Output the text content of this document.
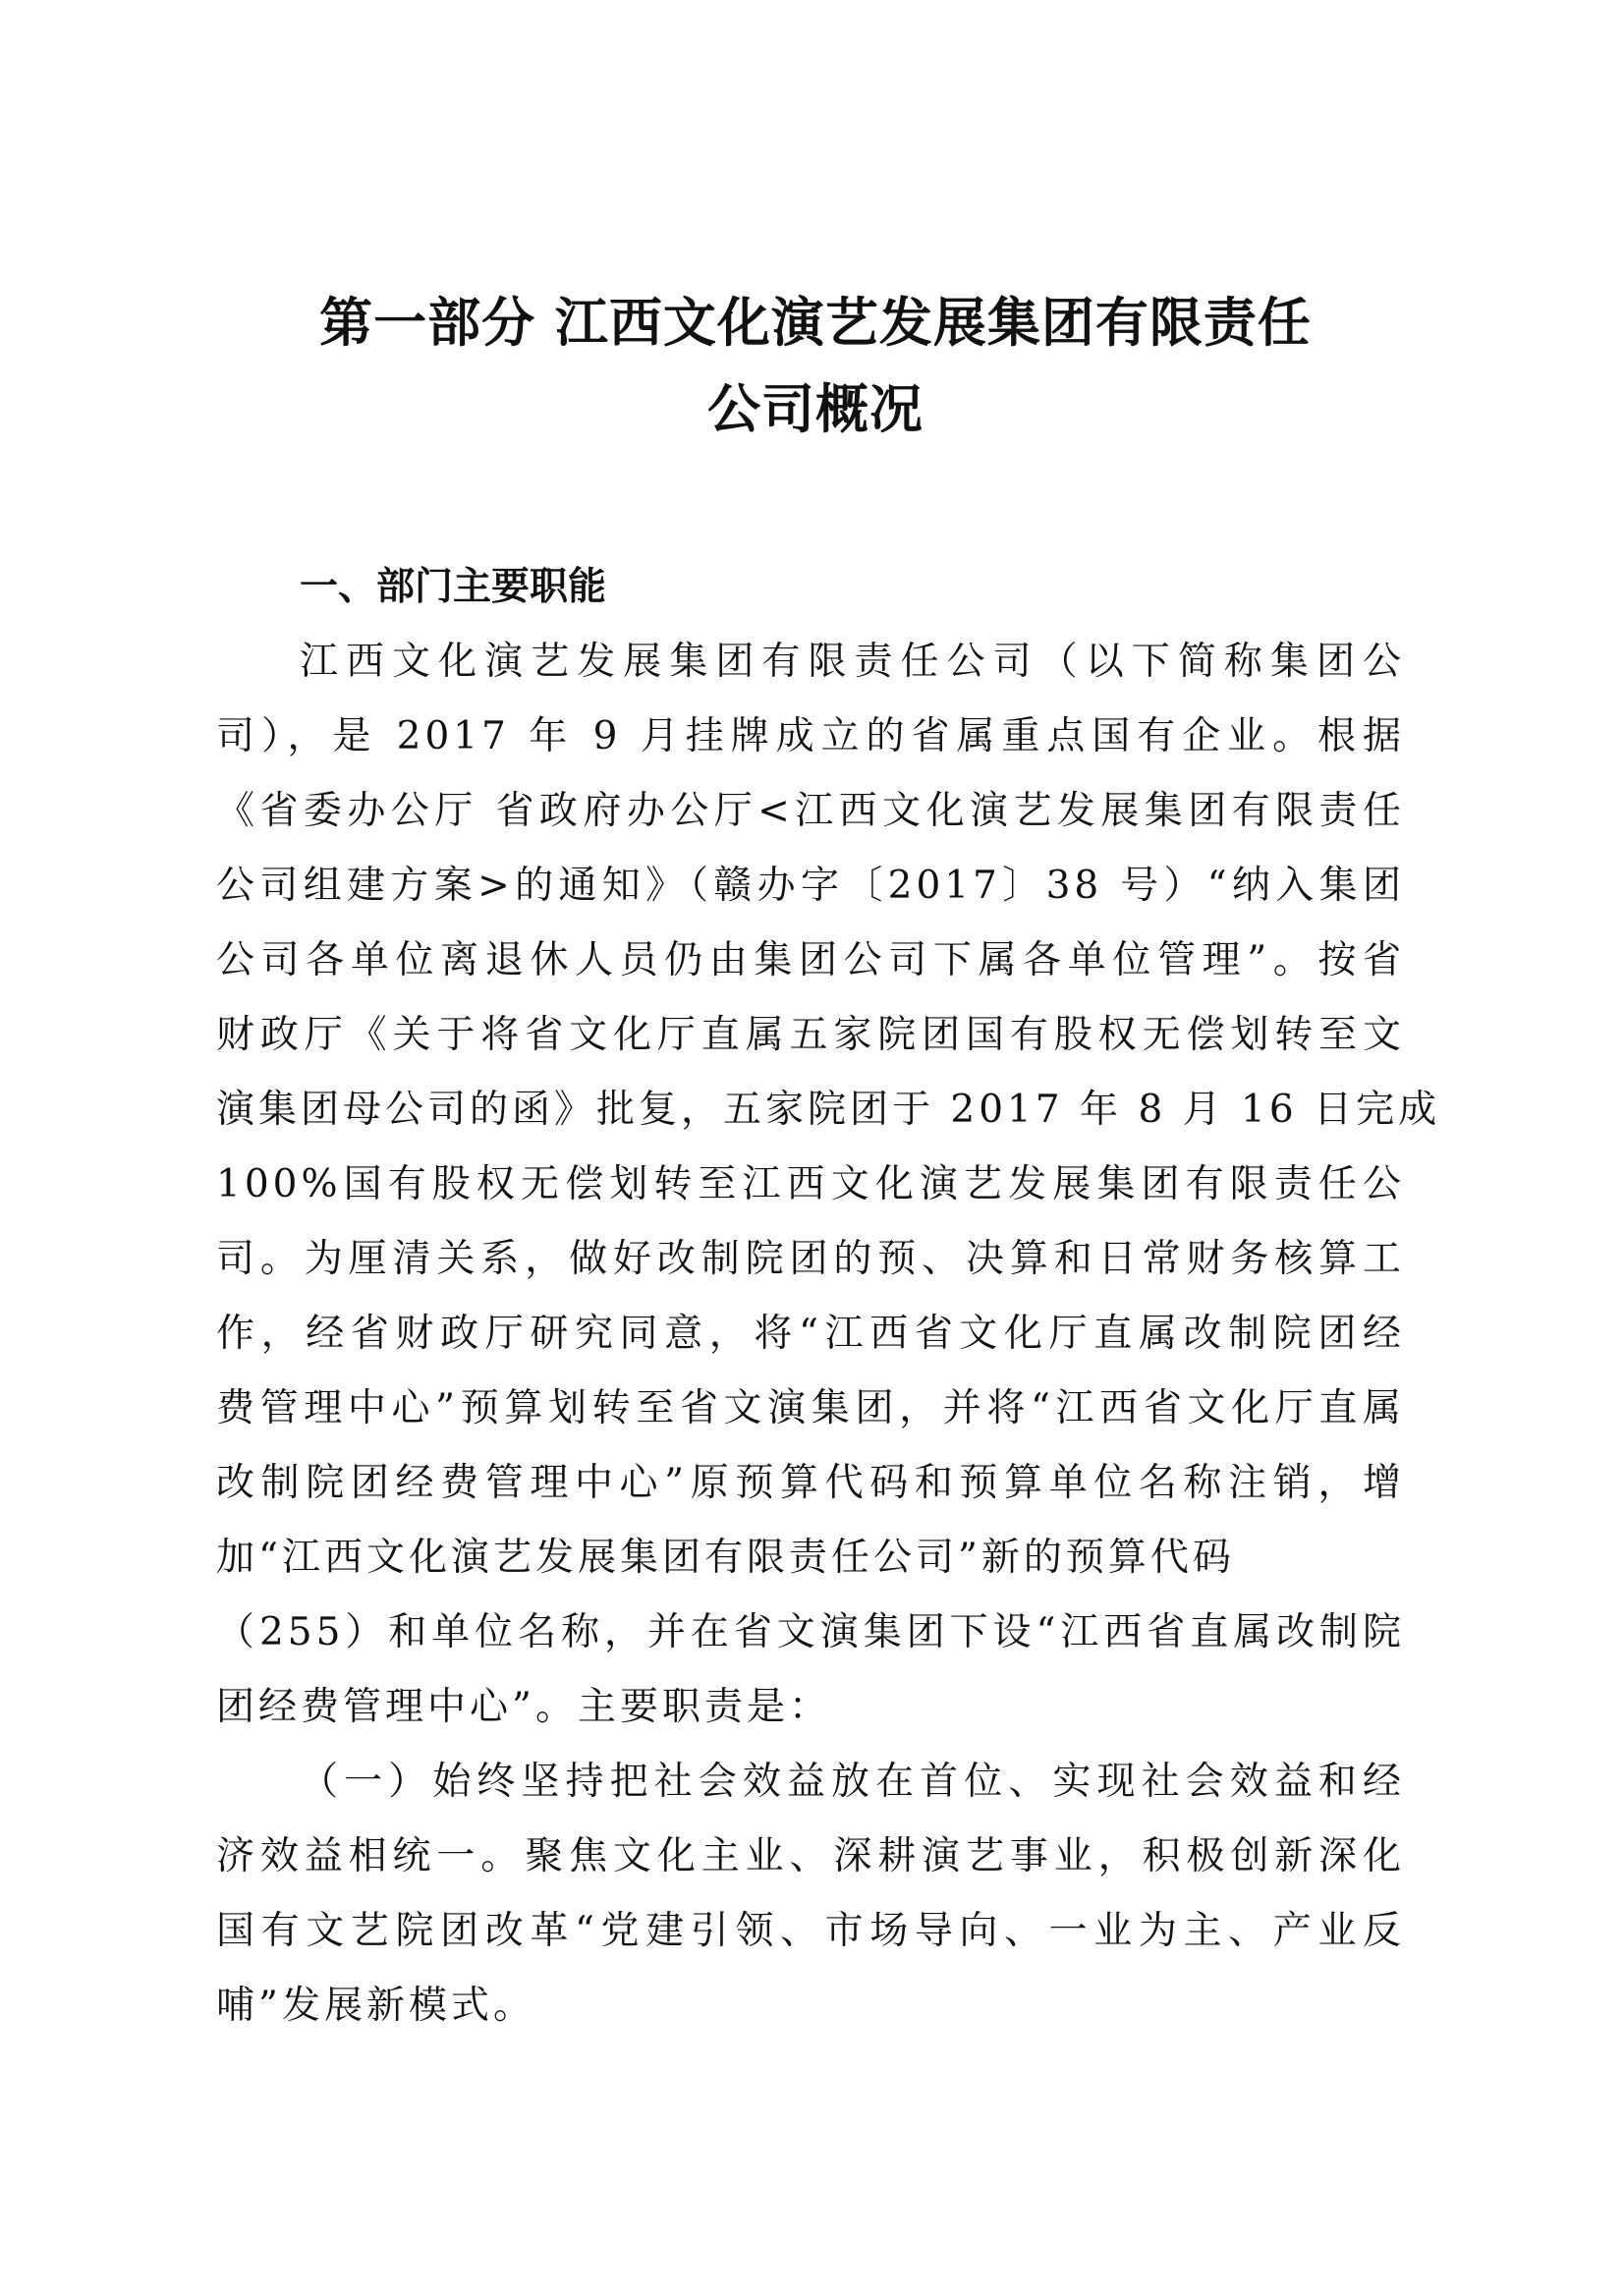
第一部分 江西文化演艺发展集团有限责任
公司概况
一、部门主要职能
江西文化演艺发展集团有限责任公司（以下简称集团公
司），是 2017 年 9 月挂牌成立的省属重点国有企业。根据
《省委办公厅 省政府办公厅<江西文化演艺发展集团有限责任
公司组建方案>的通知》（赣办字〔2017〕38 号）“纳入集团
公司各单位离退休人员仍由集团公司下属各单位管理”。按省
财政厅《关于将省文化厅直属五家院团国有股权无偿划转至文
演集团母公司的函》批复，五家院团于 2017 年 8 月 16 日完成
100%国有股权无偿划转至江西文化演艺发展集团有限责任公
司。为厘清关系，做好改制院团的预、决算和日常财务核算工
作，经省财政厅研究同意，将“江西省文化厅直属改制院团经
费管理中心”预算划转至省文演集团，并将“江西省文化厅直属
改制院团经费管理中心”原预算代码和预算单位名称注销，增
加“江西文化演艺发展集团有限责任公司”新的预算代码
（255）和单位名称，并在省文演集团下设“江西省直属改制院
团经费管理中心”。主要职责是：
（一）始终坚持把社会效益放在首位、实现社会效益和经
济效益相统一。聚焦文化主业、深耕演艺事业，积极创新深化
国有文艺院团改革“党建引领、市场导向、一业为主、产业反
哺”发展新模式。
